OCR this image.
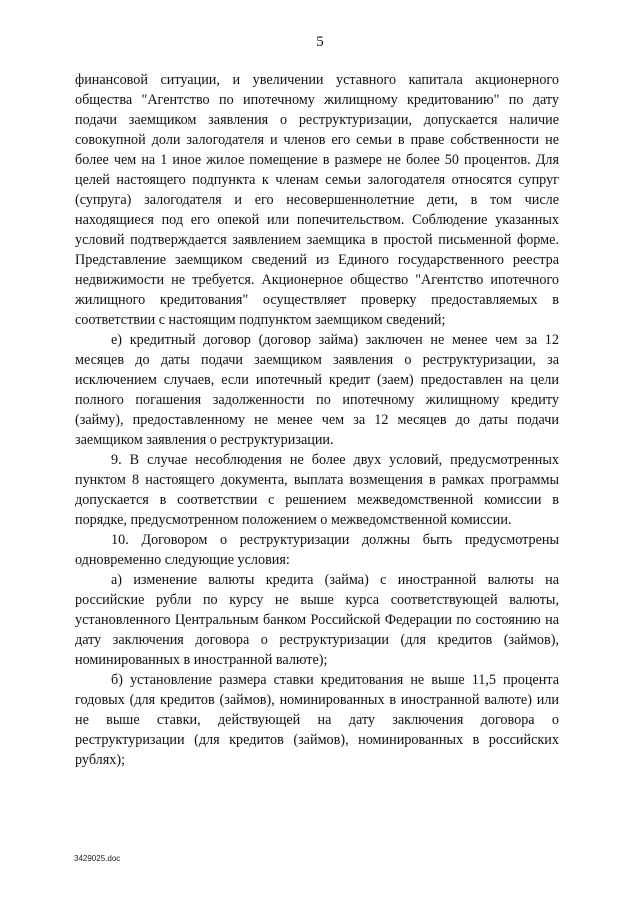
5

финансовой ситуации, и увеличении уставного капитала акционерного общества "Агентство по ипотечному жилищному кредитованию" по дату подачи заемщиком заявления о реструктуризации, допускается наличие совокупной доли залогодателя и членов его семьи в праве собственности не более чем на 1 иное жилое помещение в размере не более 50 процентов. Для целей настоящего подпункта к членам семьи залогодателя относятся супруг (супруга) залогодателя и его несовершеннолетние дети, в том числе находящиеся под его опекой или попечительством. Соблюдение указанных условий подтверждается заявлением заемщика в простой письменной форме. Представление заемщиком сведений из Единого государственного реестра недвижимости не требуется. Акционерное общество "Агентство ипотечного жилищного кредитования" осуществляет проверку предоставляемых в соответствии с настоящим подпунктом заемщиком сведений;

е) кредитный договор (договор займа) заключен не менее чем за 12 месяцев до даты подачи заемщиком заявления о реструктуризации, за исключением случаев, если ипотечный кредит (заем) предоставлен на цели полного погашения задолженности по ипотечному жилищному кредиту (займу), предоставленному не менее чем за 12 месяцев до даты подачи заемщиком заявления о реструктуризации.

9. В случае несоблюдения не более двух условий, предусмотренных пунктом 8 настоящего документа, выплата возмещения в рамках программы допускается в соответствии с решением межведомственной комиссии в порядке, предусмотренном положением о межведомственной комиссии.

10. Договором о реструктуризации должны быть предусмотрены одновременно следующие условия:

а) изменение валюты кредита (займа) с иностранной валюты на российские рубли по курсу не выше курса соответствующей валюты, установленного Центральным банком Российской Федерации по состоянию на дату заключения договора о реструктуризации (для кредитов (займов), номинированных в иностранной валюте);

б) установление размера ставки кредитования не выше 11,5 процента годовых (для кредитов (займов), номинированных в иностранной валюте) или не выше ставки, действующей на дату заключения договора о реструктуризации (для кредитов (займов), номинированных в российских рублях);

3429025.doc
